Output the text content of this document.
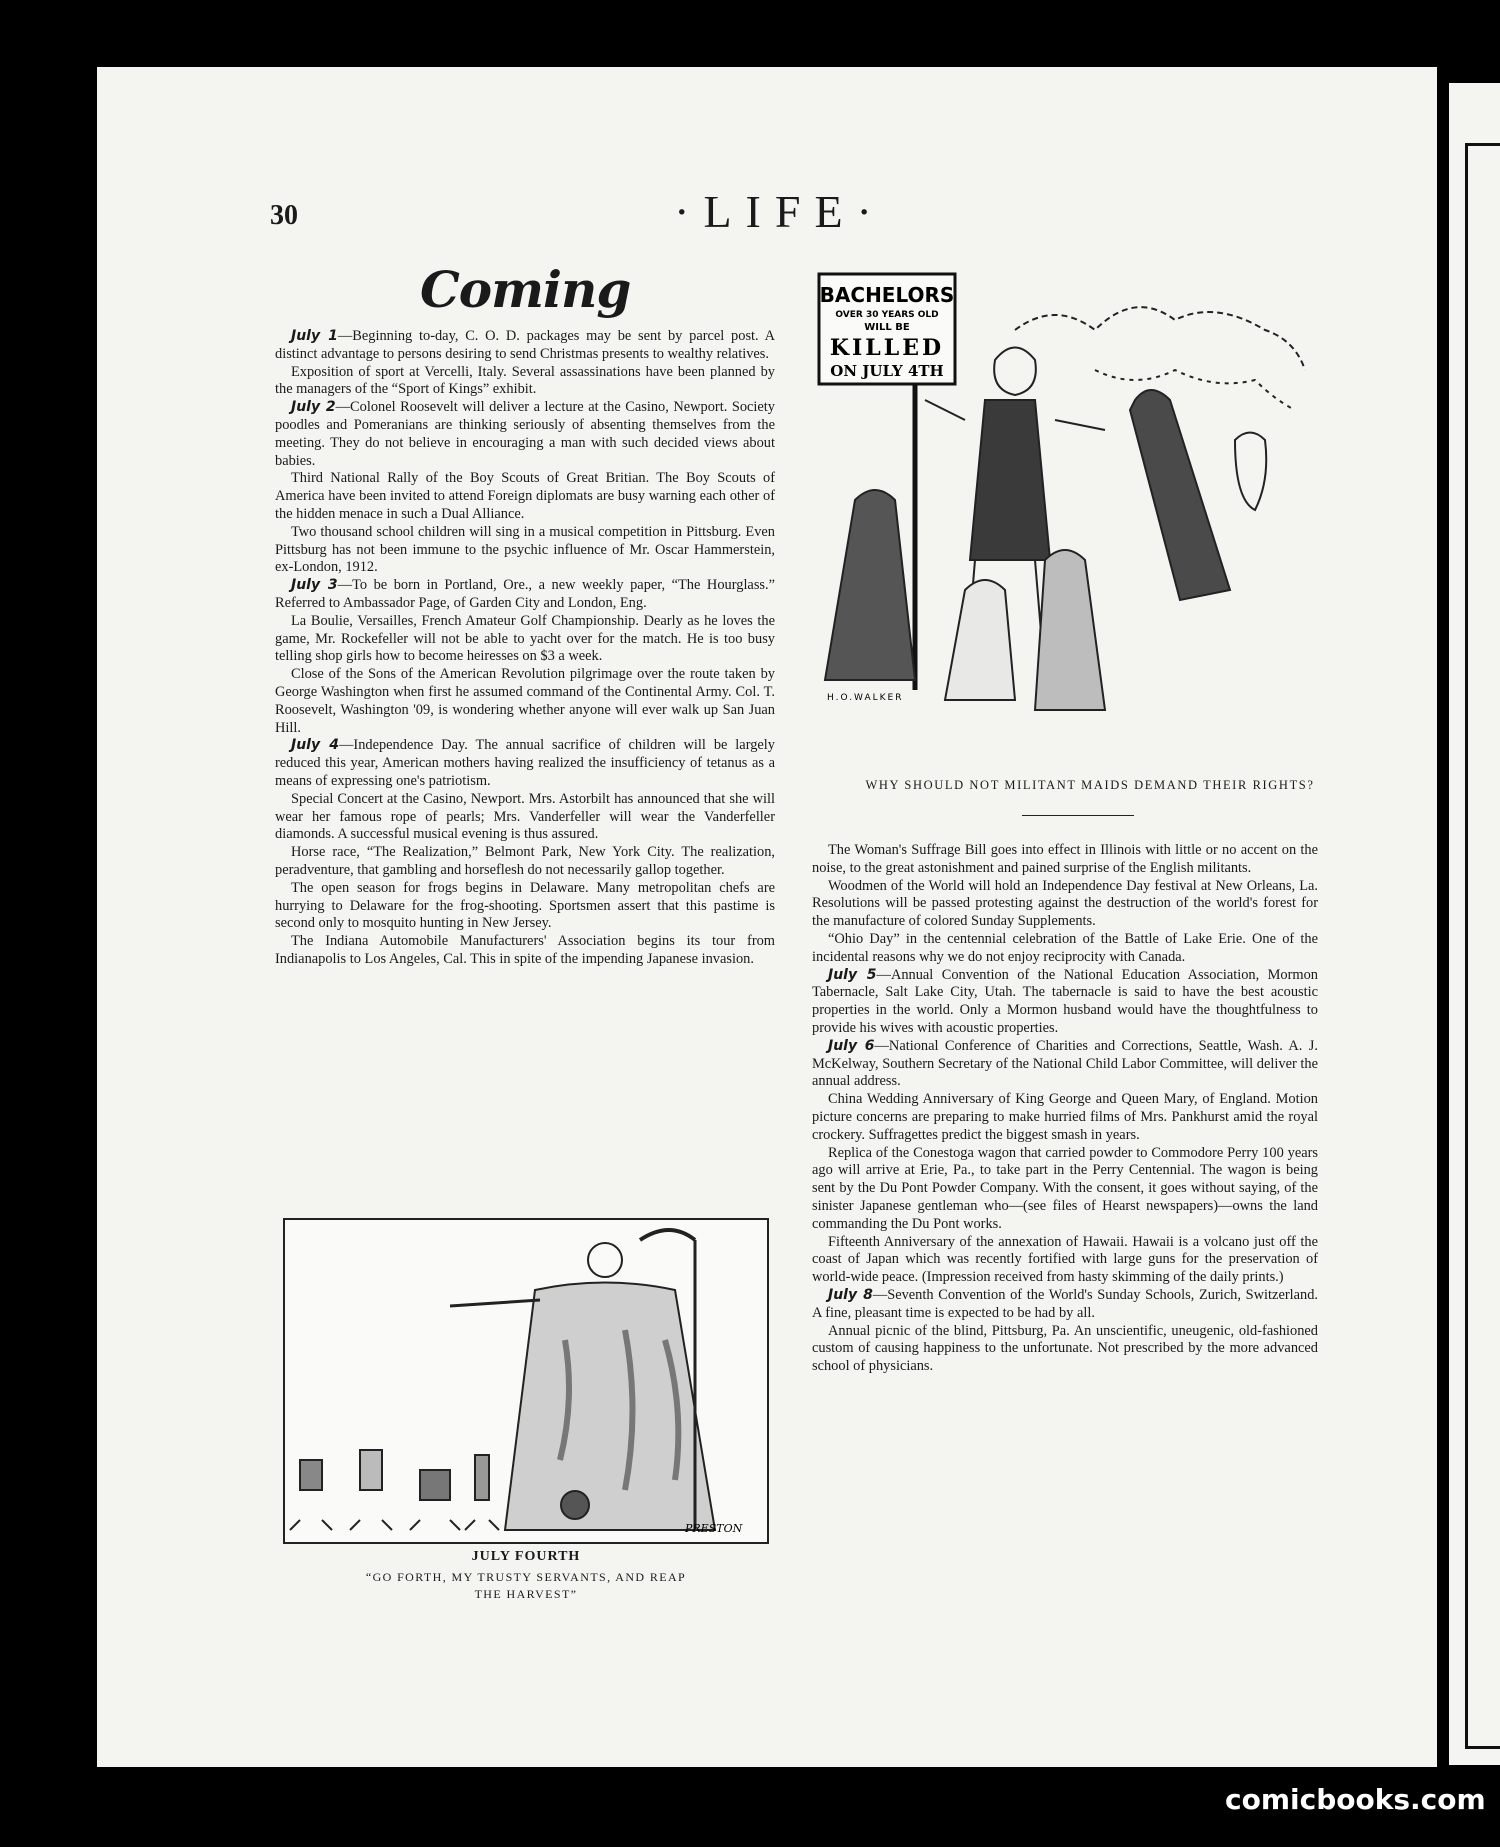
30	·LIFE·
Coming

July 1—Beginning to-day, C. O. D. packages may be sent by parcel post. A distinct advantage to persons desiring to send Christmas presents to wealthy relatives.

Exposition of sport at Vercelli, Italy. Several assassinations have been planned by the managers of the “Sport of Kings” exhibit.

July 2—Colonel Roosevelt will deliver a lecture at the Casino, Newport. Society poodles and Pomeranians are thinking seriously of absenting themselves from the meeting. They do not believe in encouraging a man with such decided views about babies.

Third National Rally of the Boy Scouts of Great Britian. The Boy Scouts of America have been invited to attend Foreign diplomats are busy warning each other of the hidden menace in such a Dual Alliance.

Two thousand school children will sing in a musical competition in Pittsburg. Even Pittsburg has not been immune to the psychic influence of Mr. Oscar Hammerstein, ex-London, 1912.

July 3—To be born in Portland, Ore., a new weekly paper, “The Hourglass.” Referred to Ambassador Page, of Garden City and London, Eng.

La Boulie, Versailles, French Amateur Golf Championship. Dearly as he loves the game, Mr. Rockefeller will not be able to yacht over for the match. He is too busy telling shop girls how to become heiresses on $3 a week.

Close of the Sons of the American Revolution pilgrimage over the route taken by George Washington when first he assumed command of the Continental Army. Col. T. Roosevelt, Washington '09, is wondering whether anyone will ever walk up San Juan Hill.

July 4—Independence Day. The annual sacrifice of children will be largely reduced this year, American mothers having realized the insufficiency of tetanus as a means of expressing one's patriotism.

Special Concert at the Casino, Newport. Mrs. Astorbilt has announced that she will wear her famous rope of pearls; Mrs. Vanderfeller will wear the Vanderfeller diamonds. A successful musical evening is thus assured.

Horse race, “The Realization,” Belmont Park, New York City. The realization, peradventure, that gambling and horseflesh do not necessarily gallop together.

The open season for frogs begins in Delaware. Many metropolitan chefs are hurrying to Delaware for the frog-shooting. Sportsmen assert that this pastime is second only to mosquito hunting in New Jersey.

The Indiana Automobile Manufacturers' Association begins its tour from Indianapolis to Los Angeles, Cal. This in spite of the impending Japanese invasion.

BACHELORS
OVER 30 YEARS OLD
WILL BE
KILLED
ON JULY 4TH
H.O.WALKER
WHY SHOULD NOT MILITANT MAIDS DEMAND THEIR RIGHTS?

The Woman's Suffrage Bill goes into effect in Illinois with little or no accent on the noise, to the great astonishment and pained surprise of the English militants.

Woodmen of the World will hold an Independence Day festival at New Orleans, La. Resolutions will be passed protesting against the destruction of the world's forest for the manufacture of colored Sunday Supplements.

“Ohio Day” in the centennial celebration of the Battle of Lake Erie. One of the incidental reasons why we do not enjoy reciprocity with Canada.

July 5—Annual Convention of the National Education Association, Mormon Tabernacle, Salt Lake City, Utah. The tabernacle is said to have the best acoustic properties in the world. Only a Mormon husband would have the thoughtfulness to provide his wives with acoustic properties.

July 6—National Conference of Charities and Corrections, Seattle, Wash. A. J. McKelway, Southern Secretary of the National Child Labor Committee, will deliver the annual address.

China Wedding Anniversary of King George and Queen Mary, of England. Motion picture concerns are preparing to make hurried films of Mrs. Pankhurst amid the royal crockery. Suffragettes predict the biggest smash in years.

Replica of the Conestoga wagon that carried powder to Commodore Perry 100 years ago will arrive at Erie, Pa., to take part in the Perry Centennial. The wagon is being sent by the Du Pont Powder Company. With the consent, it goes without saying, of the sinister Japanese gentleman who—(see files of Hearst newspapers)—owns the land commanding the Du Pont works.

Fifteenth Anniversary of the annexation of Hawaii. Hawaii is a volcano just off the coast of Japan which was recently fortified with large guns for the preservation of world-wide peace. (Impression received from hasty skimming of the daily prints.)

July 8—Seventh Convention of the World's Sunday Schools, Zurich, Switzerland. A fine, pleasant time is expected to be had by all.

Annual picnic of the blind, Pittsburg, Pa. An unscientific, uneugenic, old-fashioned custom of causing happiness to the unfortunate. Not prescribed by the more advanced school of physicians.

PRESTON
JULY FOURTH
“GO FORTH, MY TRUSTY SERVANTS, AND REAP
THE HARVEST”
comicbooks.com
